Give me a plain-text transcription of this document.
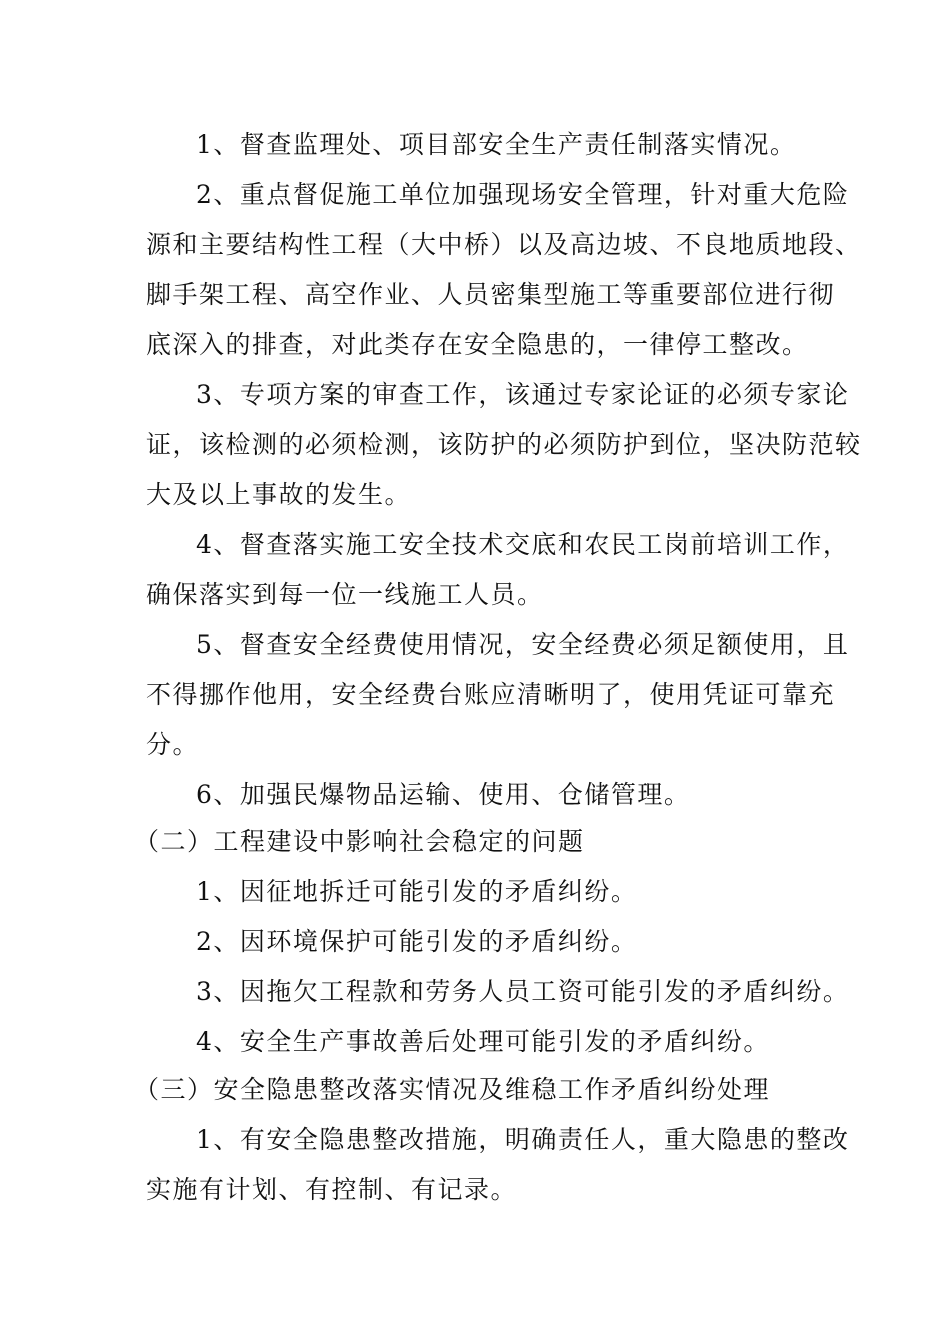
1、督查监理处、项目部安全生产责任制落实情况。
2、重点督促施工单位加强现场安全管理，针对重大危险
源和主要结构性工程（大中桥）以及高边坡、不良地质地段、
脚手架工程、高空作业、人员密集型施工等重要部位进行彻
底深入的排查，对此类存在安全隐患的，一律停工整改。
3、专项方案的审查工作，该通过专家论证的必须专家论
证，该检测的必须检测，该防护的必须防护到位，坚决防范较
大及以上事故的发生。
4、督查落实施工安全技术交底和农民工岗前培训工作，
确保落实到每一位一线施工人员。
5、督查安全经费使用情况，安全经费必须足额使用，且
不得挪作他用，安全经费台账应清晰明了，使用凭证可靠充
分。
6、加强民爆物品运输、使用、仓储管理。
（二）工程建设中影响社会稳定的问题
1、因征地拆迁可能引发的矛盾纠纷。
2、因环境保护可能引发的矛盾纠纷。
3、因拖欠工程款和劳务人员工资可能引发的矛盾纠纷。
4、安全生产事故善后处理可能引发的矛盾纠纷。
（三）安全隐患整改落实情况及维稳工作矛盾纠纷处理
1、有安全隐患整改措施，明确责任人，重大隐患的整改
实施有计划、有控制、有记录。
